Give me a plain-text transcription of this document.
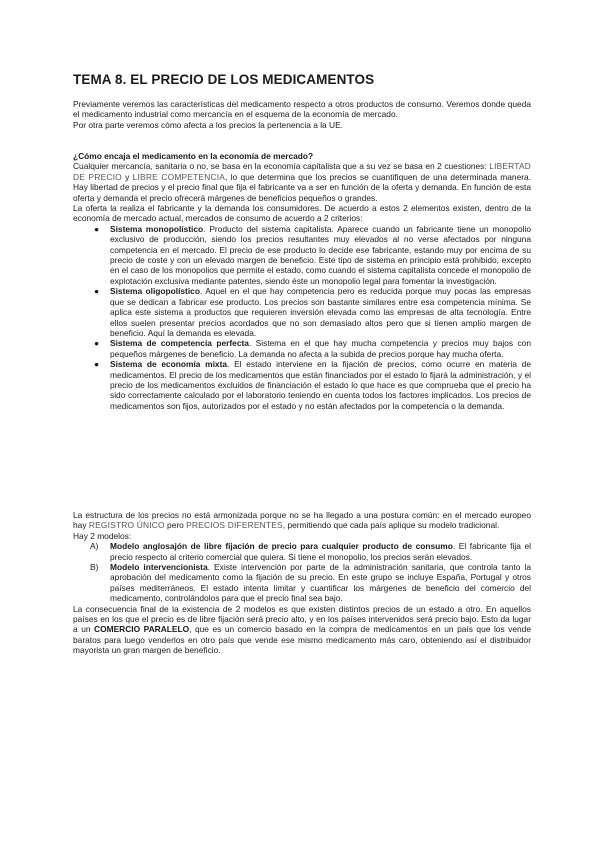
TEMA 8. EL PRECIO DE LOS MEDICAMENTOS

Previamente veremos las características del medicamento respecto a otros productos de consumo. Veremos donde queda el medicamento industrial como mercancía en el esquema de la economía de mercado.

Por otra parte veremos cómo afecta a los precios la pertenencia a la UE.

¿Cómo encaja el medicamento en la economía de mercado?

Cualquier mercancía, sanitaria o no, se basa en la economía capitalista que a su vez se basa en 2 cuestiones: LIBERTAD DE PRECIO y LIBRE COMPETENCIA, lo que determina que los precios se cuantifiquen de una determinada manera. Hay libertad de precios y el precio final que fija el fabricante va a ser en función de la oferta y demanda. En función de esta oferta y demanda el precio ofrecerá márgenes de beneficios pequeños o grandes.

La oferta la realiza el fabricante y la demanda los consumidores. De acuerdo a estos 2 elementos existen, dentro de la economía de mercado actual, mercados de consumo de acuerdo a 2 criterios:

● Sistema monopolístico. Producto del sistema capitalista. Aparece cuando un fabricante tiene un monopolio exclusivo de producción, siendo los precios resultantes muy elevados al no verse afectados por ninguna competencia en el mercado. El precio de ese producto lo decide ese fabricante, estando muy por encima de su precio de coste y con un elevado margen de beneficio. Este tipo de sistema en principio está prohibido, excepto en el caso de los monopolios que permite el estado, como cuando el sistema capitalista concede el monopolio de explotación exclusiva mediante patentes, siendo éste un monopolio legal para fomentar la investigación.
● Sistema oligopolístico. Aquel en el que hay competencia pero es reducida porque muy pocas las empresas que se dedican a fabricar ese producto. Los precios son bastante similares entre esa competencia mínima. Se aplica este sistema a productos que requieren inversión elevada como las empresas de alta tecnología. Entre ellos suelen presentar precios acordados que no son demasiado altos pero que si tienen amplio margen de beneficio. Aquí la demanda es elevada.
● Sistema de competencia perfecta. Sistema en el que hay mucha competencia y precios muy bajos con pequeños márgenes de beneficio. La demanda no afecta a la subida de precios porque hay mucha oferta.
● Sistema de economía mixta. El estado interviene en la fijación de precios, como ocurre en materia de medicamentos. El precio de los medicamentos que están financiados por el estado lo fijará la administración, y el precio de los medicamentos excluidos de financiación el estado lo que hace es que comprueba que el precio ha sido correctamente calculado por el laboratorio teniendo en cuenta todos los factores implicados. Los precios de medicamentos son fijos, autorizados por el estado y no están afectados por la competencia o la demanda.

La estructura de los precios no está armonizada porque no se ha llegado a una postura común: en el mercado europeo hay REGISTRO ÚNICO pero PRECIOS DIFERENTES, permitiendo que cada país aplique su modelo tradicional.

Hay 2 modelos:

A) Modelo anglosajón de libre fijación de precio para cualquier producto de consumo. El fabricante fija el precio respecto al criterio comercial que quiera. Si tiene el monopolio, los precios serán elevados.
B) Modelo intervencionista. Existe intervención por parte de la administración sanitaria, que controla tanto la aprobación del medicamento como la fijación de su precio. En este grupo se incluye España, Portugal y otros países mediterráneos. El estado intenta limitar y cuantificar los márgenes de beneficio del comercio del medicamento, controlándolos para que el precio final sea bajo.

La consecuencia final de la existencia de 2 modelos es que existen distintos precios de un estado a otro. En aquellos países en los que el precio es de libre fijación será precio alto, y en los países intervenidos será precio bajo. Esto da lugar a un COMERCIO PARALELO, que es un comercio basado en la compra de medicamentos en un país que los vende baratos para luego venderlos en otro país que vende ese mismo medicamento más caro, obteniendo así el distribuidor mayorista un gran margen de beneficio.
